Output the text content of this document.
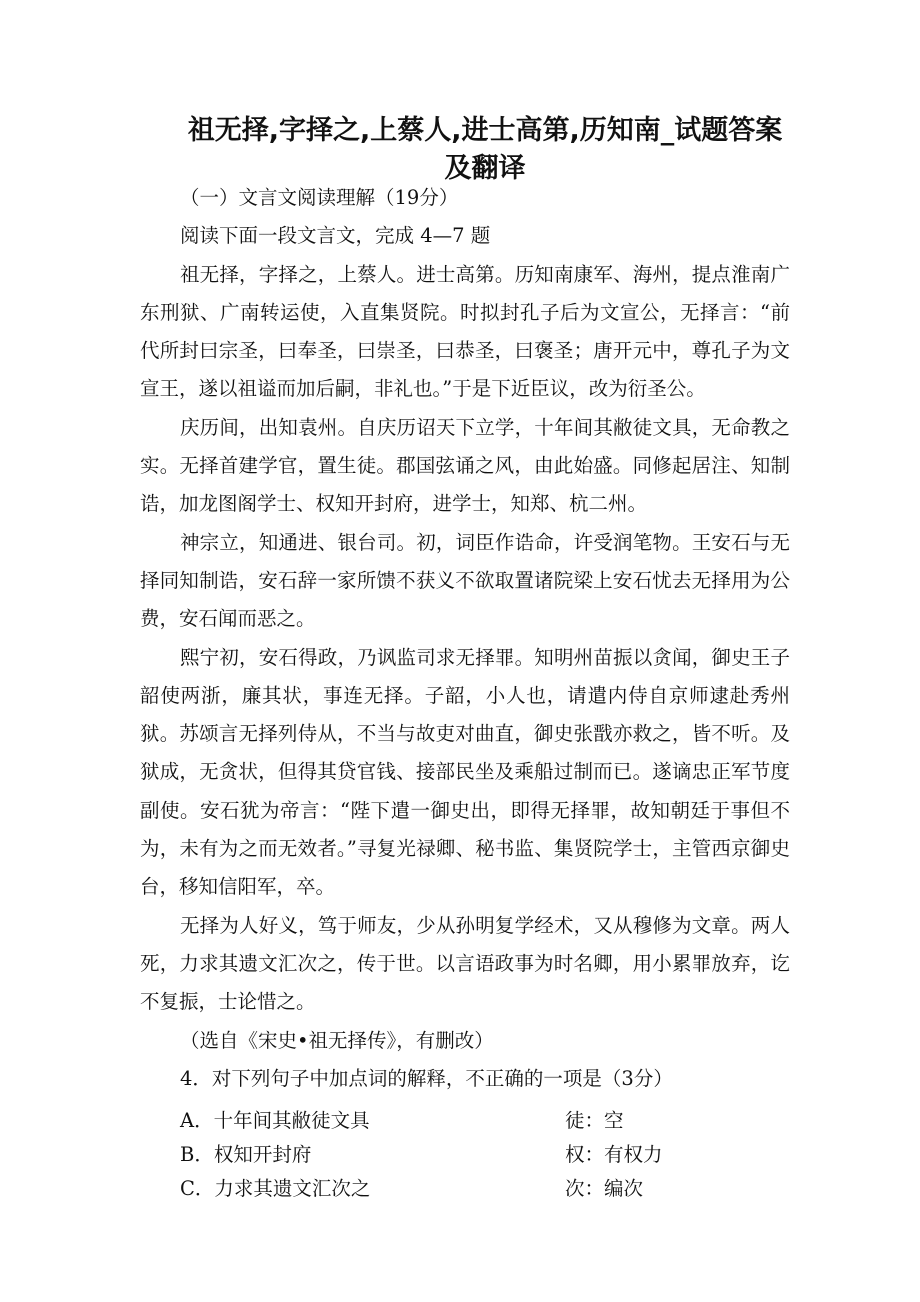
祖无择,字择之,上蔡人,进士高第,历知南_试题答案及翻译

（一）文言文阅读理解（19分）

阅读下面一段文言文，完成 4—7 题

祖无择，字择之，上蔡人。进士高第。历知南康军、海州，提点淮南广东刑狱、广南转运使，入直集贤院。时拟封孔子后为文宣公，无择言：“前代所封曰宗圣，曰奉圣，曰崇圣，曰恭圣，曰褒圣；唐开元中，尊孔子为文宣王，遂以祖谥而加后嗣，非礼也。”于是下近臣议，改为衍圣公。

庆历间，出知袁州。自庆历诏天下立学，十年间其敝徒文具，无命教之实。无择首建学官，置生徒。郡国弦诵之风，由此始盛。同修起居注、知制诰，加龙图阁学士、权知开封府，进学士，知郑、杭二州。

神宗立，知通进、银台司。初，词臣作诰命，许受润笔物。王安石与无择同知制诰，安石辞一家所馈不获义不欲取置诸院梁上安石忧去无择用为公费，安石闻而恶之。

熙宁初，安石得政，乃讽监司求无择罪。知明州苗振以贪闻，御史王子韶使两浙，廉其状，事连无择。子韶，小人也，请遣内侍自京师逮赴秀州狱。苏颂言无择列侍从，不当与故吏对曲直，御史张戬亦救之，皆不听。及狱成，无贪状，但得其贷官钱、接部民坐及乘船过制而已。遂谪忠正军节度副使。安石犹为帝言：“陛下遣一御史出，即得无择罪，故知朝廷于事但不为，未有为之而无效者。”寻复光禄卿、秘书监、集贤院学士，主管西京御史台，移知信阳军，卒。

无择为人好义，笃于师友，少从孙明复学经术，又从穆修为文章。两人死，力求其遗文汇次之，传于世。以言语政事为时名卿，用小累罪放弃，讫不复振，士论惜之。

（选自《宋史•祖无择传》，有删改）

4．对下列句子中加点词的解释，不正确的一项是（3分）

A．十年间其敝徒文具	徒：空
B．权知开封府	权：有权力
C．力求其遗文汇次之	次：编次
